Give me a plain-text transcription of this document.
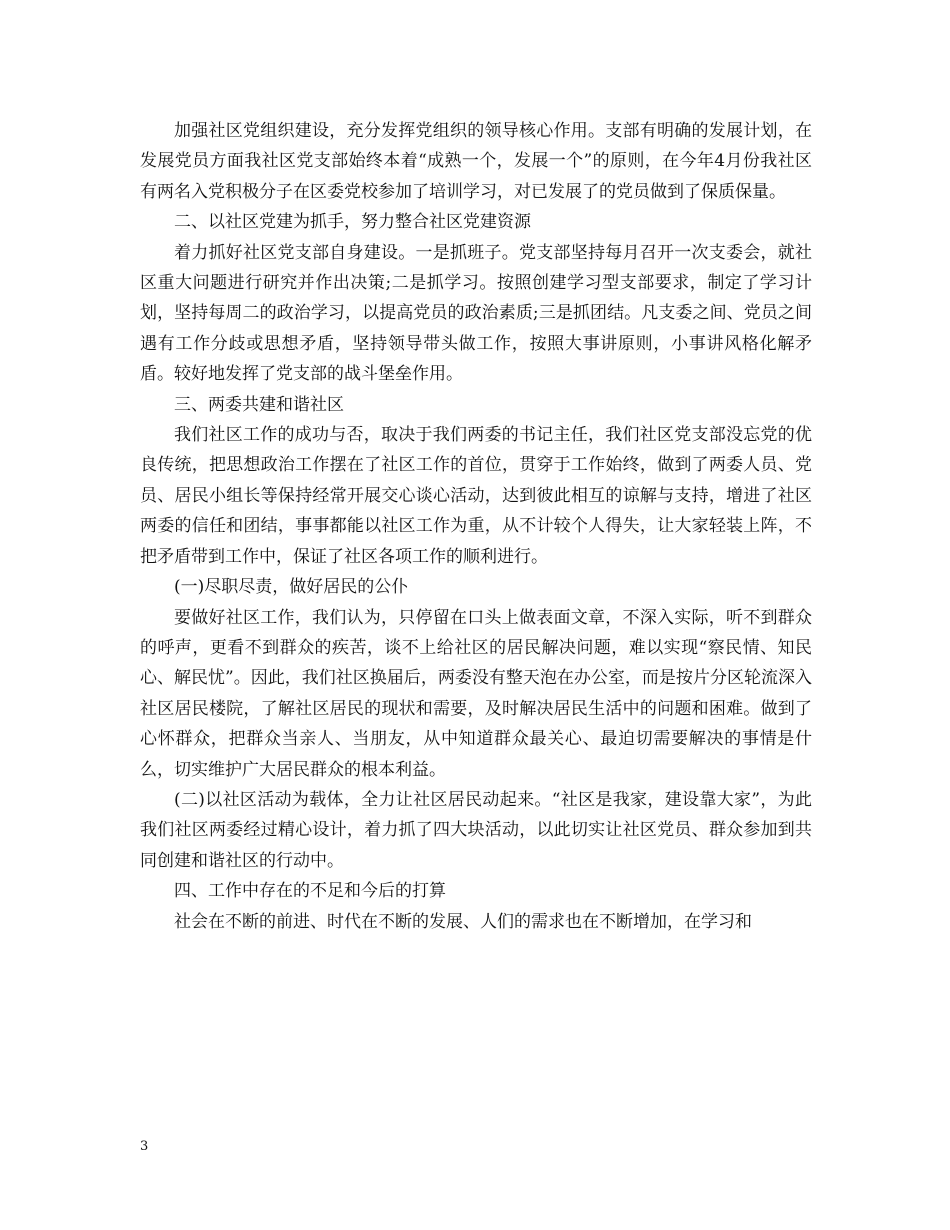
加强社区党组织建设，充分发挥党组织的领导核心作用。支部有明确的发展计划，在发展党员方面我社区党支部始终本着“成熟一个，发展一个”的原则，在今年4月份我社区有两名入党积极分子在区委党校参加了培训学习，对已发展了的党员做到了保质保量。

二、以社区党建为抓手，努力整合社区党建资源

着力抓好社区党支部自身建设。一是抓班子。党支部坚持每月召开一次支委会，就社区重大问题进行研究并作出决策;二是抓学习。按照创建学习型支部要求，制定了学习计划，坚持每周二的政治学习，以提高党员的政治素质;三是抓团结。凡支委之间、党员之间遇有工作分歧或思想矛盾，坚持领导带头做工作，按照大事讲原则，小事讲风格化解矛盾。较好地发挥了党支部的战斗堡垒作用。

三、两委共建和谐社区

我们社区工作的成功与否，取决于我们两委的书记主任，我们社区党支部没忘党的优良传统，把思想政治工作摆在了社区工作的首位，贯穿于工作始终，做到了两委人员、党员、居民小组长等保持经常开展交心谈心活动，达到彼此相互的谅解与支持，增进了社区两委的信任和团结，事事都能以社区工作为重，从不计较个人得失，让大家轻装上阵，不把矛盾带到工作中，保证了社区各项工作的顺利进行。

(一)尽职尽责，做好居民的公仆

要做好社区工作，我们认为，只停留在口头上做表面文章，不深入实际，听不到群众的呼声，更看不到群众的疾苦，谈不上给社区的居民解决问题，难以实现“察民情、知民心、解民忧”。因此，我们社区换届后，两委没有整天泡在办公室，而是按片分区轮流深入社区居民楼院，了解社区居民的现状和需要，及时解决居民生活中的问题和困难。做到了心怀群众，把群众当亲人、当朋友，从中知道群众最关心、最迫切需要解决的事情是什么，切实维护广大居民群众的根本利益。

(二)以社区活动为载体，全力让社区居民动起来。“社区是我家，建设靠大家”，为此我们社区两委经过精心设计，着力抓了四大块活动，以此切实让社区党员、群众参加到共同创建和谐社区的行动中。

四、工作中存在的不足和今后的打算

社会在不断的前进、时代在不断的发展、人们的需求也在不断增加，在学习和

3
